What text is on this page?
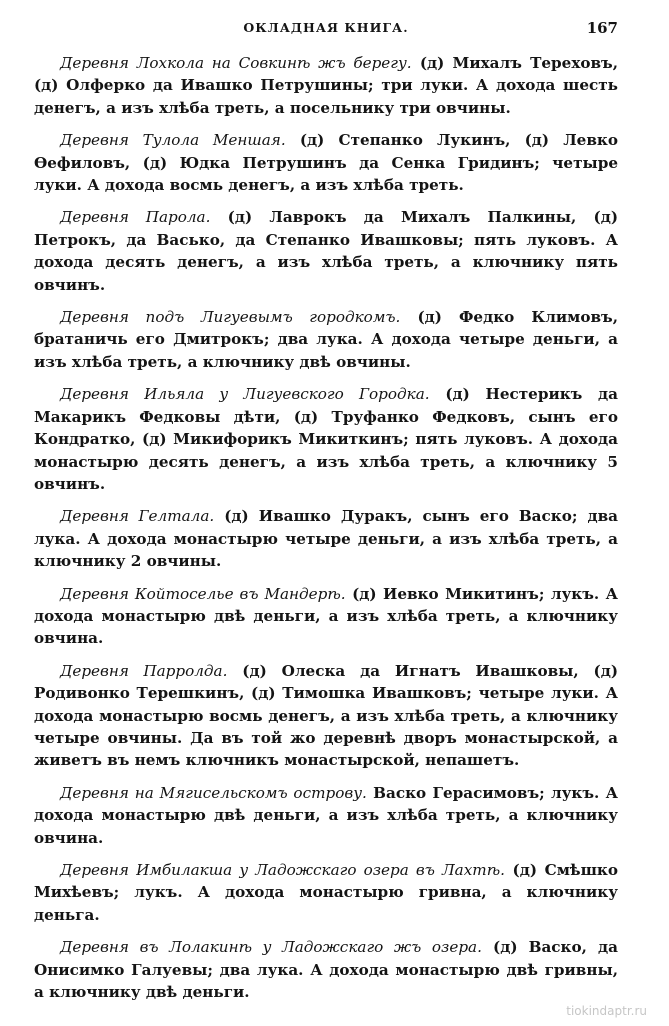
ОКЛАДНАЯ КНИГА.	167

Деревня Лохкола на Совкинѣ жъ берегу. (д) Михалъ Тереховъ, (д) Олферко да Ивашко Петрушины; три луки. А дохода шесть денегъ, а изъ хлѣба треть, а посельнику три овчины.

Деревня Тулола Меншая. (д) Степанко Лукинъ, (д) Левко Өефиловъ, (д) Юдка Петрушинъ да Сенка Гридинъ; четыре луки. А дохода восмь денегъ, а изъ хлѣба треть.

Деревня Парола. (д) Лаврокъ да Михалъ Палкины, (д) Петрокъ, да Васько, да Степанко Ивашковы; пять луковъ. А дохода десять денегъ, а изъ хлѣба треть, а ключнику пять овчинъ.

Деревня подъ Лигуевымъ городкомъ. (д) Федко Климовъ, братаничь его Дмитрокъ; два лука. А дохода четыре деньги, а изъ хлѣба треть, а ключнику двѣ овчины.

Деревня Ильяла у Лигуевского Городка. (д) Нестерикъ да Макарикъ Федковы дѣти, (д) Труфанко Федковъ, сынъ его Кондратко, (д) Микифорикъ Микиткинъ; пять луковъ. А дохода монастырю десять денегъ, а изъ хлѣба треть, а ключнику 5 овчинъ.

Деревня Гелтала. (д) Ивашко Дуракъ, сынъ его Васко; два лука. А дохода монастырю четыре деньги, а изъ хлѣба треть, а ключнику 2 овчины.

Деревня Койтоселье въ Мандерѣ. (д) Иевко Микитинъ; лукъ. А дохода монастырю двѣ деньги, а изъ хлѣба треть, а ключнику овчина.

Деревня Парролда. (д) Олеска да Игнатъ Ивашковы, (д) Родивонко Терешкинъ, (д) Тимошка Ивашковъ; четыре луки. А дохода монастырю восмь денегъ, а изъ хлѣба треть, а ключнику четыре овчины. Да въ той жо деревнѣ дворъ монастырской, а живетъ въ немъ ключникъ монастырской, непашетъ.

Деревня на Мягисельскомъ острову. Васко Герасимовъ; лукъ. А дохода монастырю двѣ деньги, а изъ хлѣба треть, а ключнику овчина.

Деревня Имбилакша у Ладожскаго озера въ Лахтѣ. (д) Смѣшко Михѣевъ; лукъ. А дохода монастырю гривна, а ключнику деньга.

Деревня въ Лолакинѣ у Ладожскаго жъ озера. (д) Васко, да Онисимко Галуевы; два лука. А дохода монастырю двѣ гривны, а ключнику двѣ деньги.

tiokindaptr.ru
